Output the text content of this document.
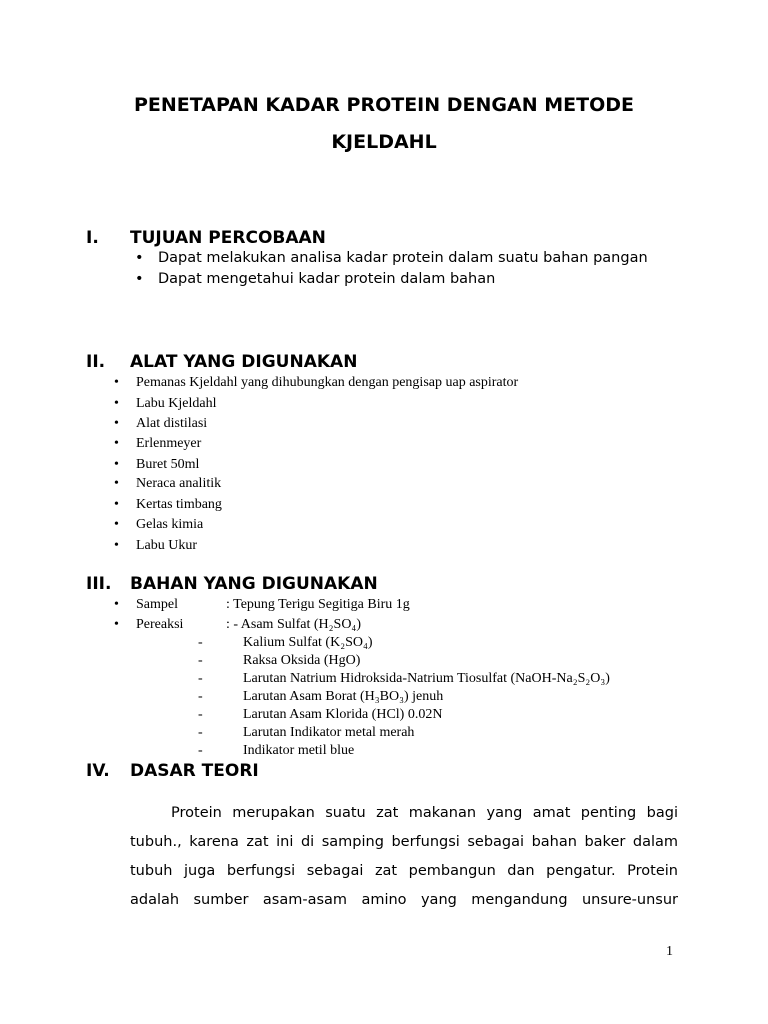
PENETAPAN KADAR PROTEIN DENGAN METODE
KJELDAHL
I. TUJUAN PERCOBAAN
• Dapat melakukan analisa kadar protein dalam suatu bahan pangan
• Dapat mengetahui kadar protein dalam bahan
II. ALAT YANG DIGUNAKAN
• Pemanas Kjeldahl yang dihubungkan dengan pengisap uap aspirator
• Labu Kjeldahl
• Alat distilasi
• Erlenmeyer
• Buret 50ml
• Neraca analitik
• Kertas timbang
• Gelas kimia
• Labu Ukur
III. BAHAN YANG DIGUNAKAN
• Sampel	: Tepung Terigu Segitiga Biru 1g
• Pereaksi	: - Asam Sulfat (H₂SO₄)
-	Kalium Sulfat (K₂SO₄)
-	Raksa Oksida (HgO)
-	Larutan Natrium Hidroksida-Natrium Tiosulfat (NaOH-Na₂S₂O₃)
-	Larutan Asam Borat (H₃BO₃) jenuh
-	Larutan Asam Klorida (HCl) 0.02N
-	Larutan Indikator metal merah
-	Indikator metil blue
IV. DASAR TEORI
Protein merupakan suatu zat makanan yang amat penting bagi
tubuh., karena zat ini di samping berfungsi sebagai bahan baker dalam
tubuh juga berfungsi sebagai zat pembangun dan pengatur. Protein
adalah sumber asam-asam amino yang mengandung unsure-unsur
1
